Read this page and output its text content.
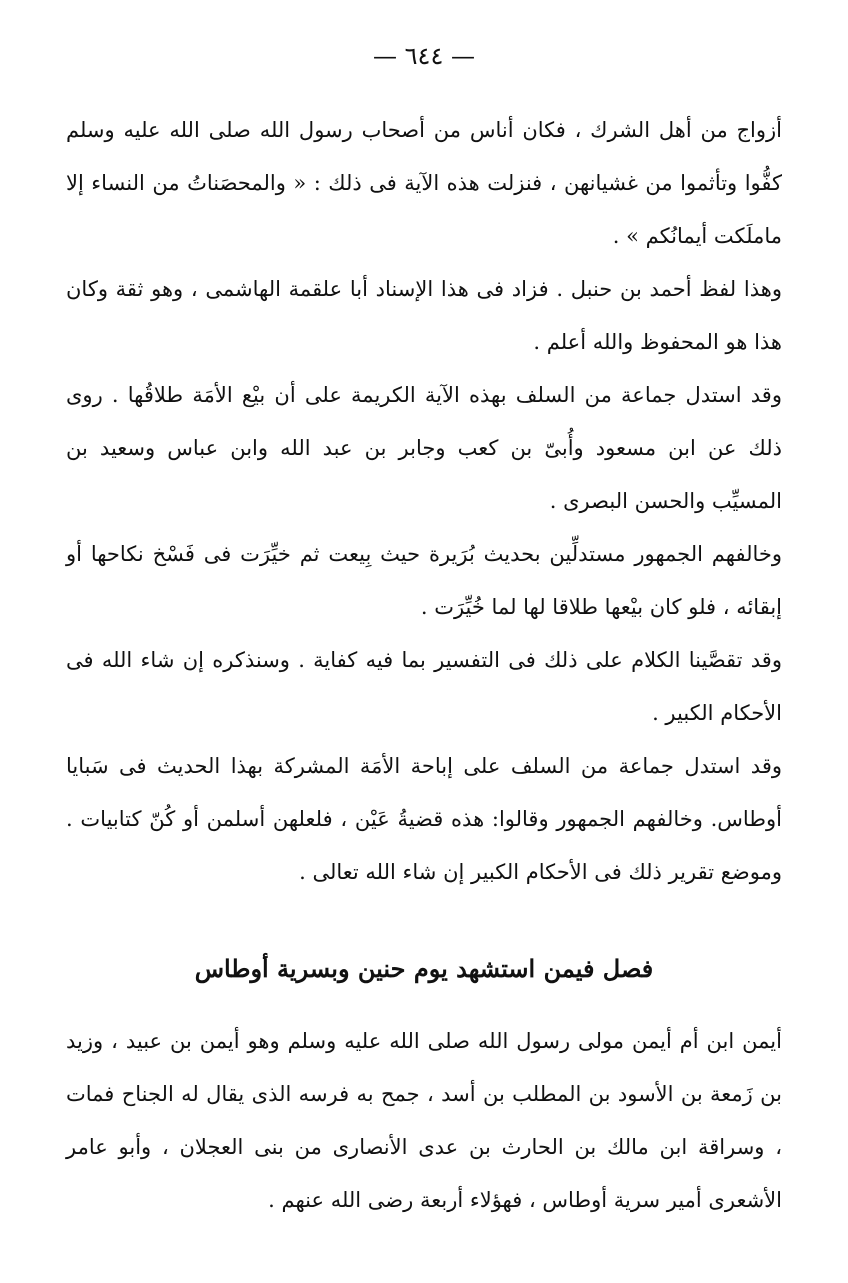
— ٦٤٤ —

أزواج من أهل الشرك ، فكان أناس من أصحاب رسول الله صلى الله عليه وسلم كفُّوا وتأثموا من غشيانهن ، فنزلت هذه الآية فى ذلك : « والمحصَناتُ من النساء إلا ماملَكت أيمانُكم » .

وهذا لفظ أحمد بن حنبل . فزاد فى هذا الإسناد أبا علقمة الهاشمى ، وهو ثقة وكان هذا هو المحفوظ والله أعلم .

وقد استدل جماعة من السلف بهذه الآية الكريمة على أن بيْع الأمَة طلاقُها . روى ذلك عن ابن مسعود وأُبىّ بن كعب وجابر بن عبد الله وابن عباس وسعيد بن المسيِّب والحسن البصرى .

وخالفهم الجمهور مستدلِّين بحديث بُرَيرة حيث بِيعت ثم خيِّرَت فى فَسْخ نكاحها أو إبقائه ، فلو كان بيْعها طلاقا لها لما خُيِّرَت .

وقد تقصَّينا الكلام على ذلك فى التفسير بما فيه كفاية . وسنذكره إن شاء الله فى الأحكام الكبير .

وقد استدل جماعة من السلف على إباحة الأمَة المشركة بهذا الحديث فى سَبايا أوطاس. وخالفهم الجمهور وقالوا: هذه قضيةُ عَيْن ، فلعلهن أسلمن أو كُنّ كتابيات . وموضع تقرير ذلك فى الأحكام الكبير إن شاء الله تعالى .

فصل فيمن استشهد يوم حنين وبسرية أوطاس

أيمن ابن أم أيمن مولى رسول الله صلى الله عليه وسلم وهو أيمن بن عبيد ، وزيد بن زَمعة بن الأسود بن المطلب بن أسد ، جمح به فرسه الذى يقال له الجناح فمات ، وسراقة ابن مالك بن الحارث بن عدى الأنصارى من بنى العجلان ، وأبو عامر الأشعرى أمير سرية أوطاس ، فهؤلاء أربعة رضى الله عنهم .
